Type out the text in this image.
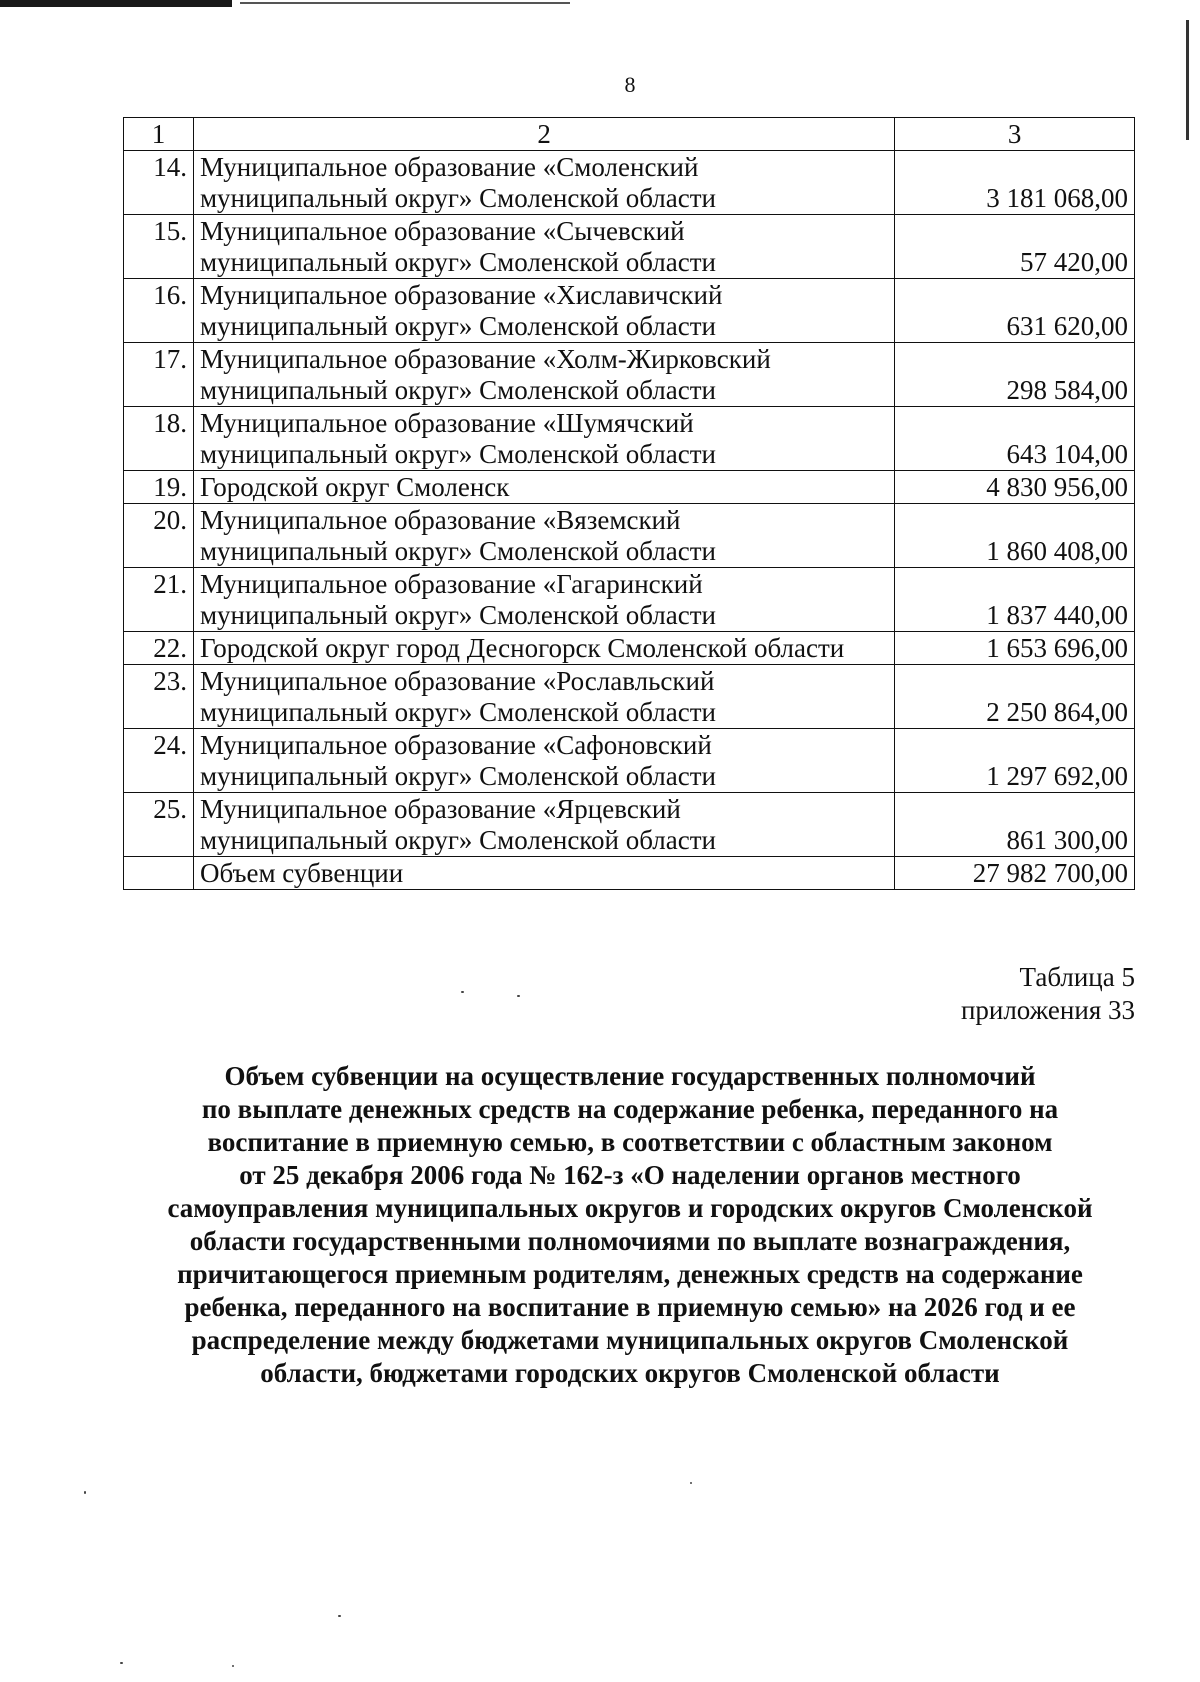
8
1	2	3
14.	Муниципальное образование «Смоленский
муниципальный округ» Смоленской области	3 181 068,00
15.	Муниципальное образование «Сычевский
муниципальный округ» Смоленской области	57 420,00
16.	Муниципальное образование «Хиславичский
муниципальный округ» Смоленской области	631 620,00
17.	Муниципальное образование «Холм-Жирковский
муниципальный округ» Смоленской области	298 584,00
18.	Муниципальное образование «Шумячский
муниципальный округ» Смоленской области	643 104,00
19.	Городской округ Смоленск	4 830 956,00
20.	Муниципальное образование «Вяземский
муниципальный округ» Смоленской области	1 860 408,00
21.	Муниципальное образование «Гагаринский
муниципальный округ» Смоленской области	1 837 440,00
22.	Городской округ город Десногорск Смоленской области	1 653 696,00
23.	Муниципальное образование «Рославльский
муниципальный округ» Смоленской области	2 250 864,00
24.	Муниципальное образование «Сафоновский
муниципальный округ» Смоленской области	1 297 692,00
25.	Муниципальное образование «Ярцевский
муниципальный округ» Смоленской области	861 300,00
	Объем субвенции	27 982 700,00
Таблица 5
приложения 33
Объем субвенции на осуществление государственных полномочий
по выплате денежных средств на содержание ребенка, переданного на
воспитание в приемную семью, в соответствии с областным законом
от 25 декабря 2006 года № 162-з «О наделении органов местного
самоуправления муниципальных округов и городских округов Смоленской
области государственными полномочиями по выплате вознаграждения,
причитающегося приемным родителям, денежных средств на содержание
ребенка, переданного на воспитание в приемную семью» на 2026 год и ее
распределение между бюджетами муниципальных округов Смоленской
области, бюджетами городских округов Смоленской области
